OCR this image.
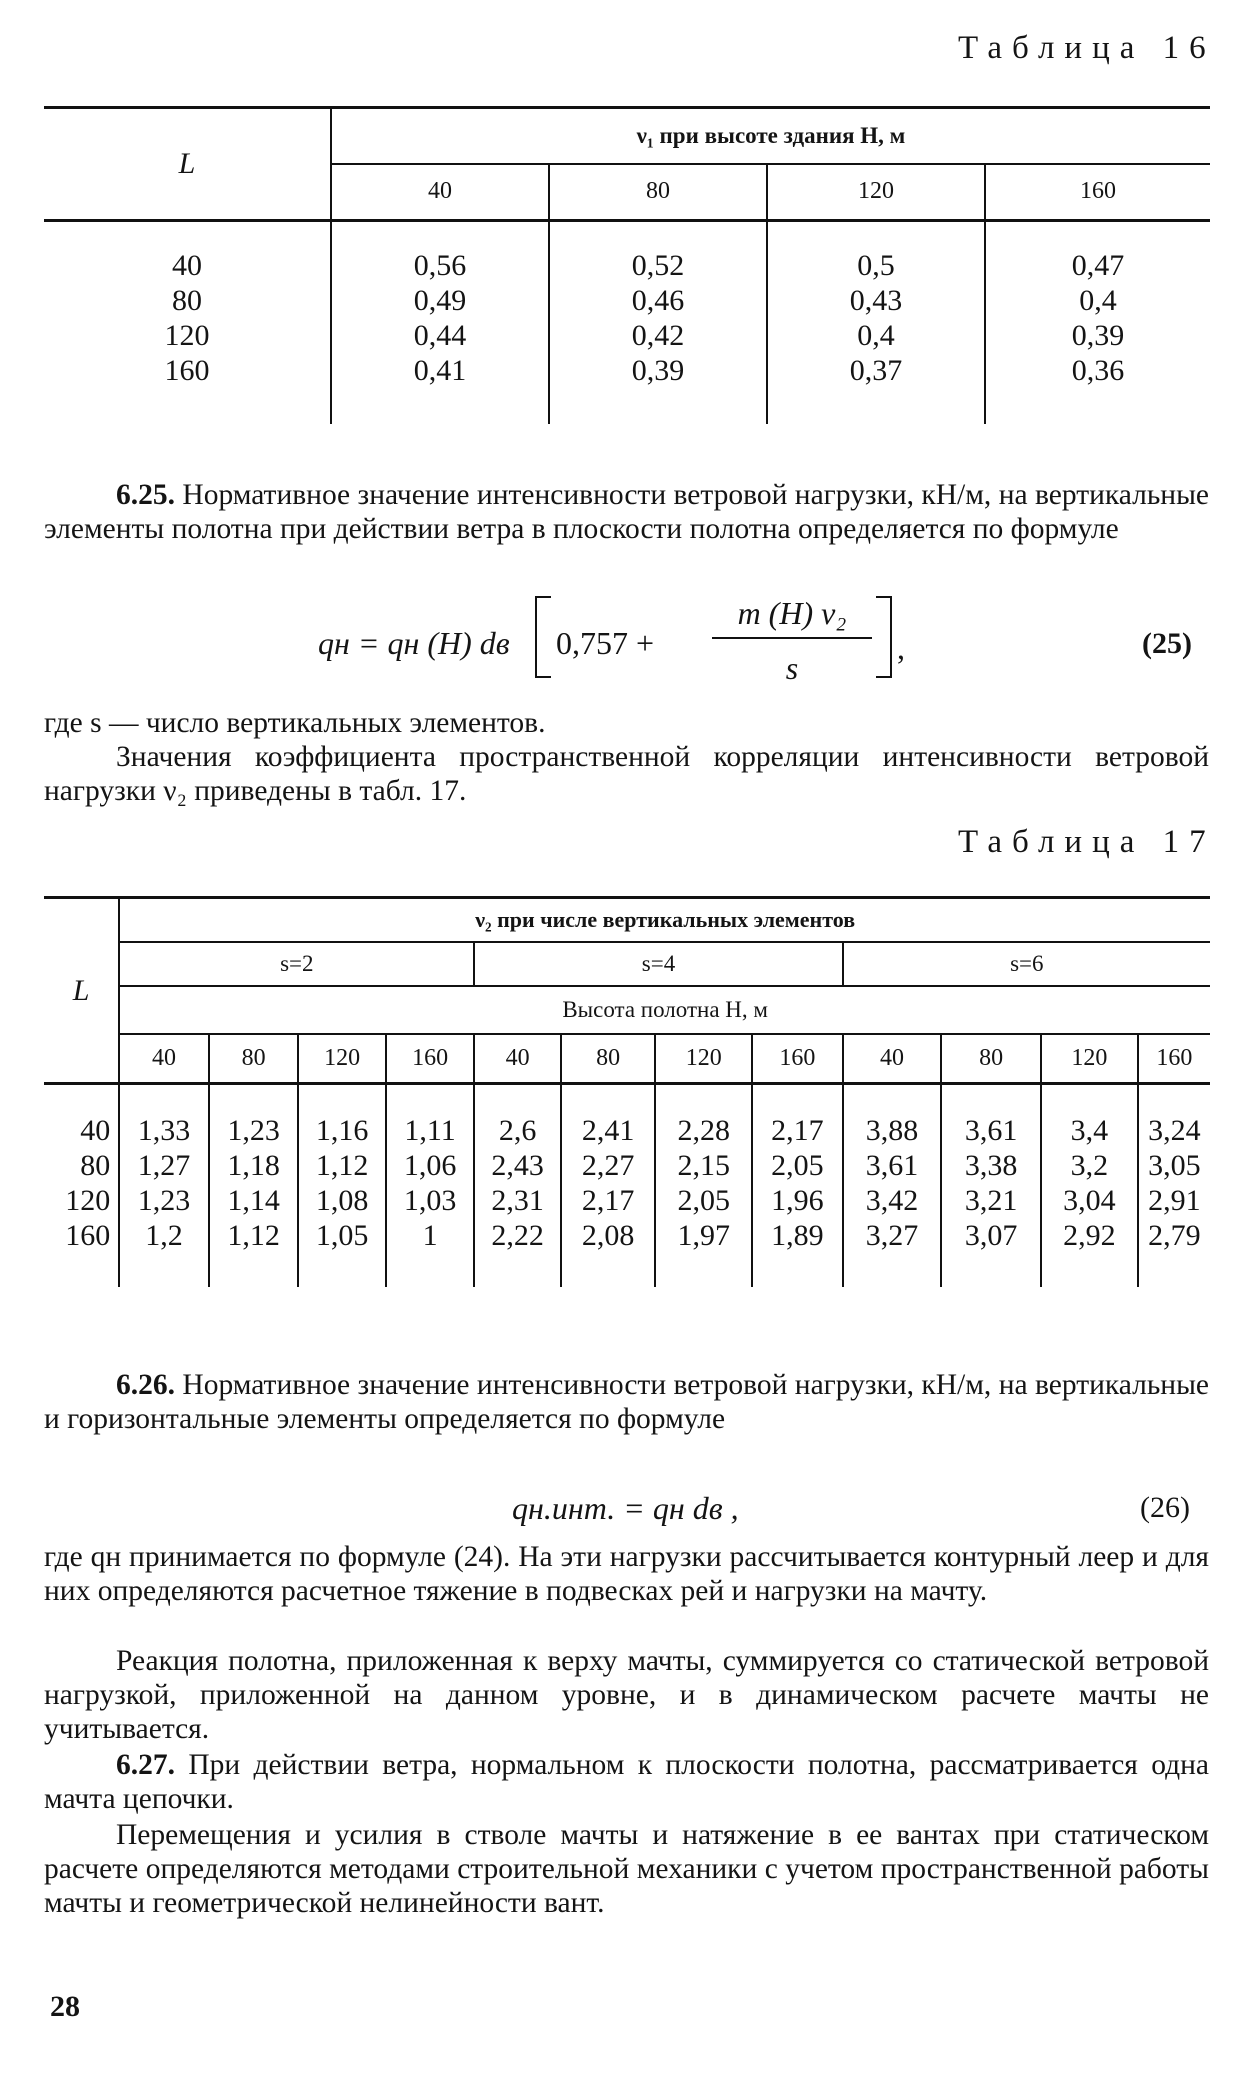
Таблица 16
L	ν₁ при высоте здания H, м			
	40	80	120	160
40	0,56	0,52	0,5	0,47
80	0,49	0,46	0,43	0,4
120	0,44	0,42	0,4	0,39
160	0,41	0,39	0,37	0,36

6.25. Нормативное значение интенсивности ветровой нагрузки, кН/м, на вертикальные элементы полотна при действии ветра в плоскости полотна определяется по формуле

qн = qн (H) dв 0,757 +
m (H) ν₂
s
,	(25)

где s — число вертикальных элементов.

Значения коэффициента пространственной корреляции интенсивности ветровой нагрузки ν₂ приведены в табл. 17.

Таблица 17
L	ν₂ при числе вертикальных элементов											
	s=2				s=4				s=6			
	Высота полотна H, м											
	40	80	120	160	40	80	120	160	40	80	120	160
40	1,33	1,23	1,16	1,11	2,6	2,41	2,28	2,17	3,88	3,61	3,4	3,24
80	1,27	1,18	1,12	1,06	2,43	2,27	2,15	2,05	3,61	3,38	3,2	3,05
120	1,23	1,14	1,08	1,03	2,31	2,17	2,05	1,96	3,42	3,21	3,04	2,91
160	1,2	1,12	1,05	1	2,22	2,08	1,97	1,89	3,27	3,07	2,92	2,79

6.26. Нормативное значение интенсивности ветровой нагрузки, кН/м, на вертикальные и горизонтальные элементы определяется по формуле

qн.инт. = qн dв ,	(26)

где qн принимается по формуле (24). На эти нагрузки рассчитывается контурный леер и для них определяются расчетное тяжение в подвесках рей и нагрузки на мачту.

Реакция полотна, приложенная к верху мачты, суммируется со статической ветровой нагрузкой, приложенной на данном уровне, и в динамическом расчете мачты не учитывается.

6.27. При действии ветра, нормальном к плоскости полотна, рассматривается одна мачта цепочки.

Перемещения и усилия в стволе мачты и натяжение в ее вантах при статическом расчете определяются методами строительной механики с учетом пространственной работы мачты и геометрической нелинейности вант.

28
